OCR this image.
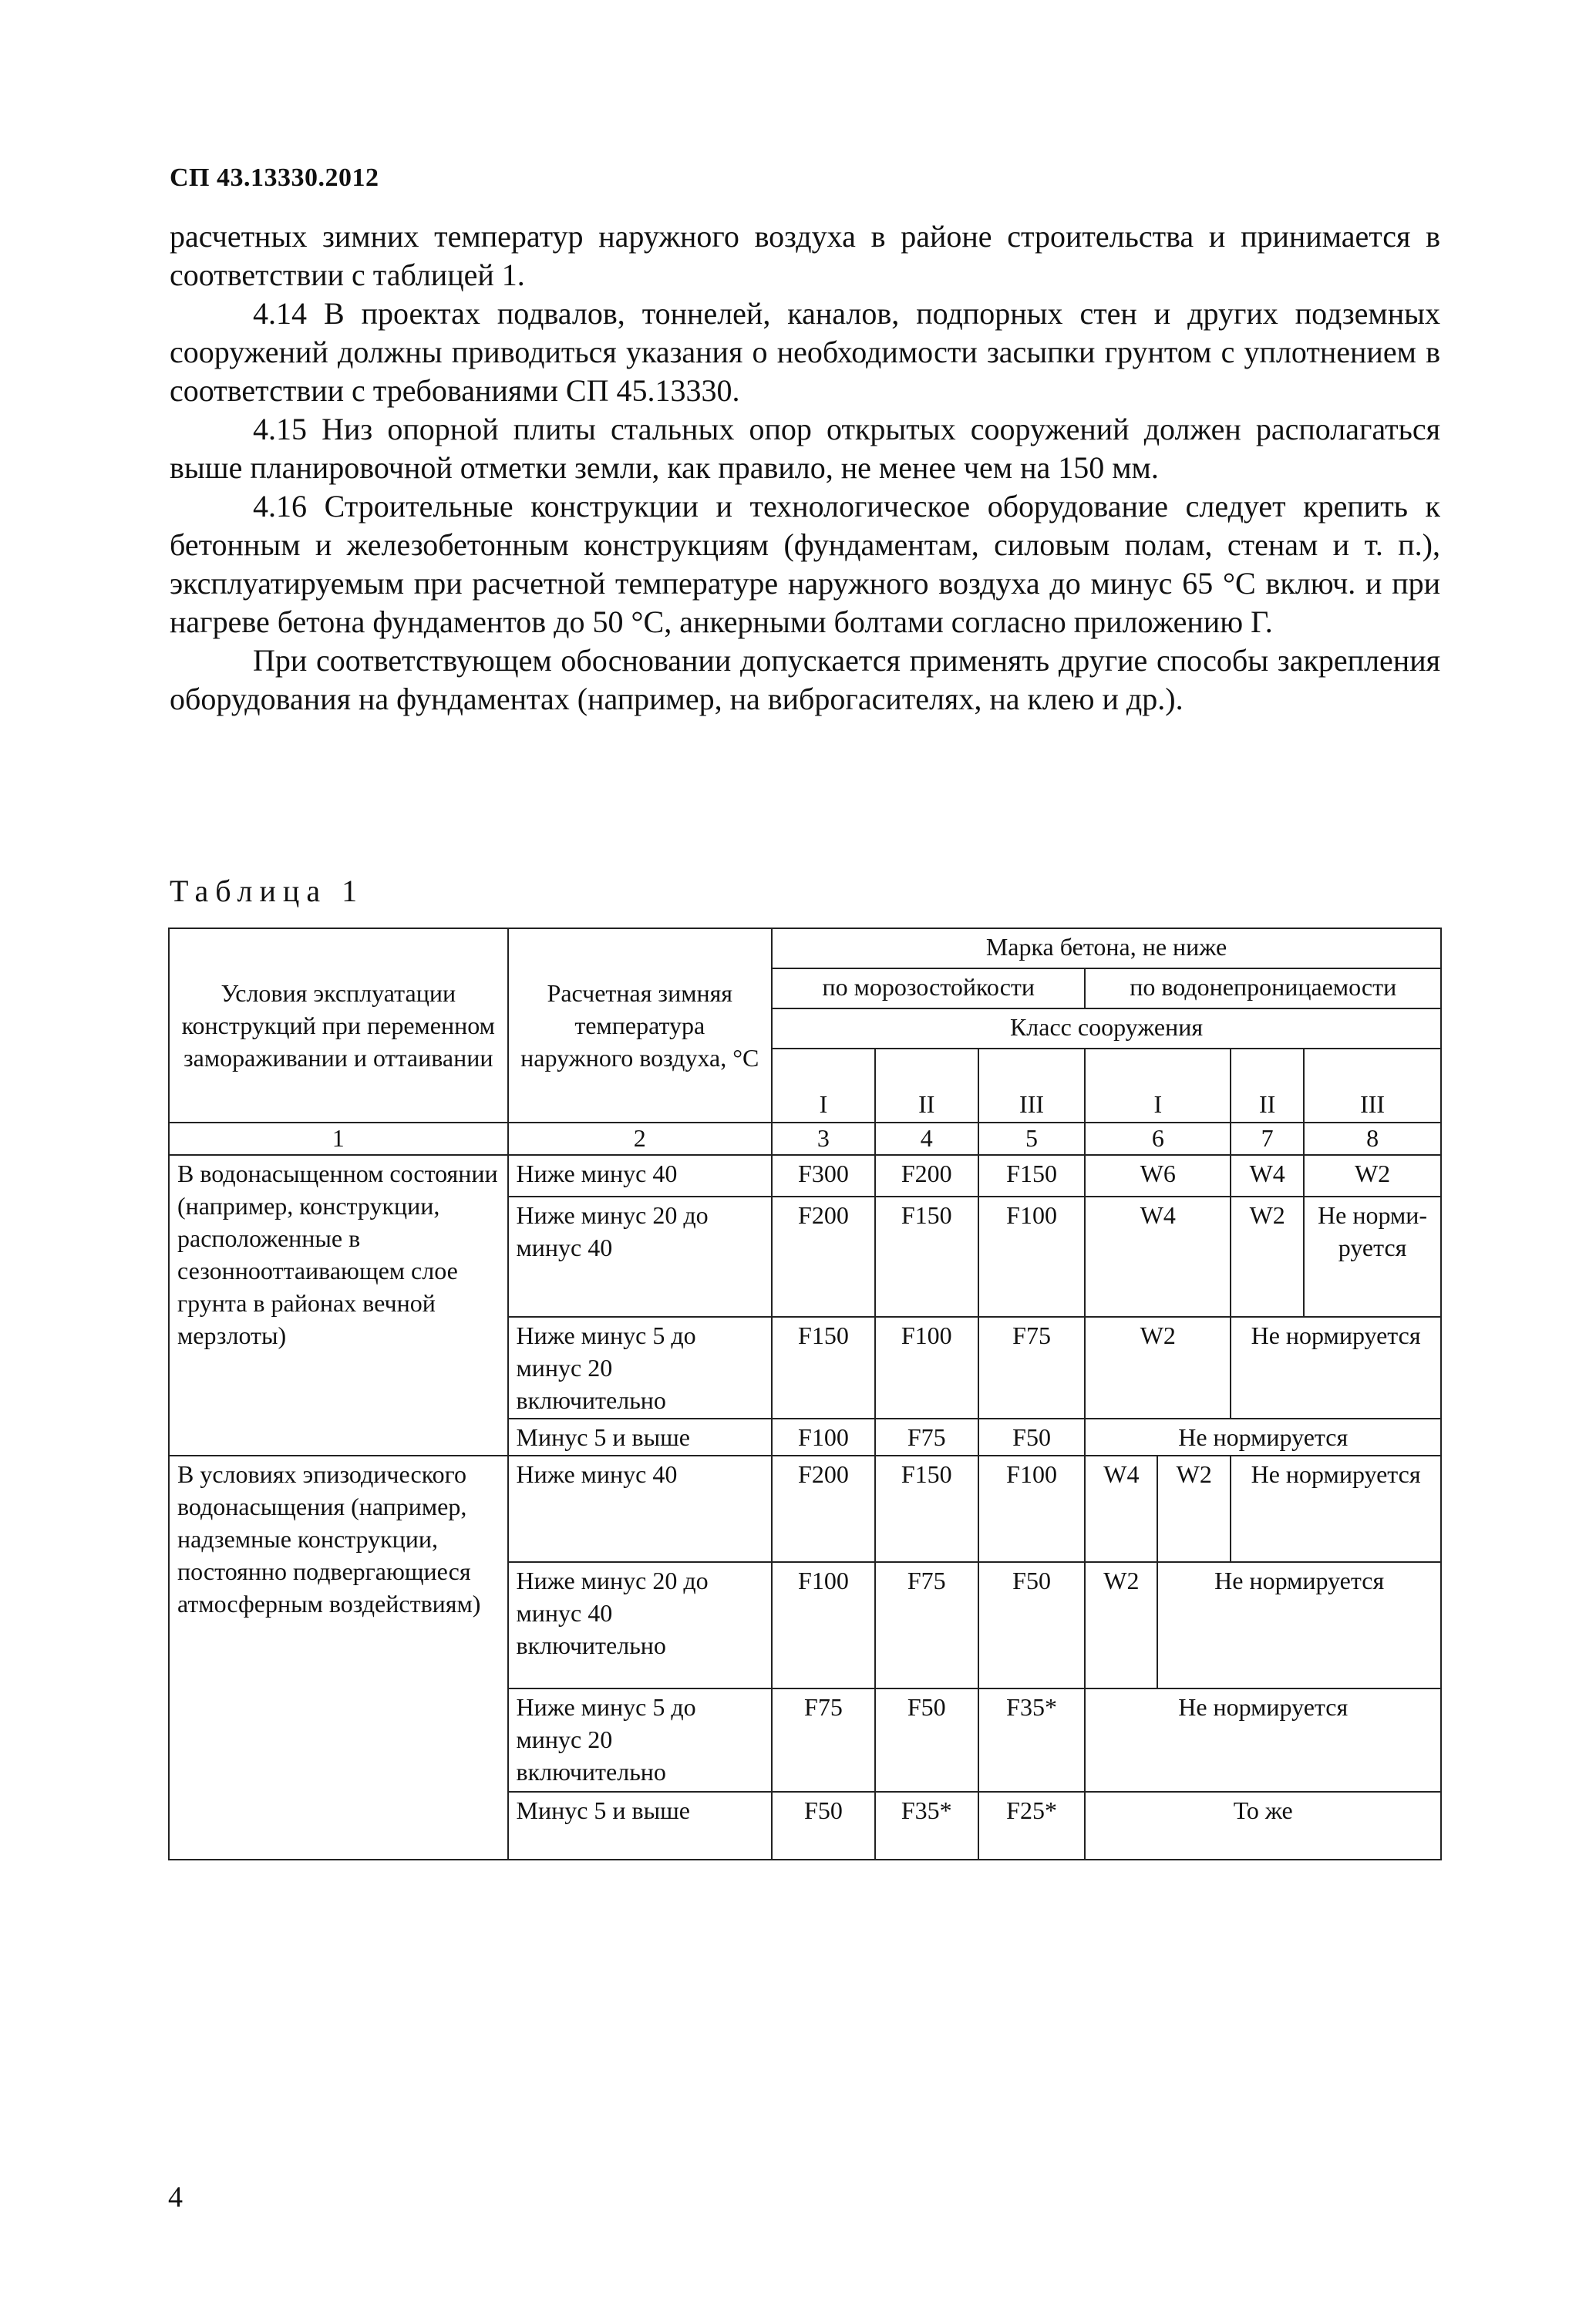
СП 43.13330.2012

расчетных зимних температур наружного воздуха в районе строительства и принимается в соответствии с таблицей 1.

4.14 В проектах подвалов, тоннелей, каналов, подпорных стен и других подземных сооружений должны приводиться указания о необходимости засыпки грунтом с уплотнением в соответствии с требованиями СП 45.13330.

4.15 Низ опорной плиты стальных опор открытых сооружений должен располагаться выше планировочной отметки земли, как правило, не менее чем на 150 мм.

4.16 Строительные конструкции и технологическое оборудование следует крепить к бетонным и железобетонным конструкциям (фундаментам, силовым полам, стенам и т. п.), эксплуатируемым при расчетной температуре наружного воздуха до минус 65 °С включ. и при нагреве бетона фундаментов до 50 °С, анкерными болтами согласно приложению Г.

При соответствующем обосновании допускается применять другие способы закрепления оборудования на фундаментах (например, на виброгасителях, на клею и др.).

Таблица 1
Условия эксплуатации конструкций при переменном замораживании и оттаивании	Расчетная зимняя температура наружного воздуха, °С	Марка бетона, не ниже						
		по морозостойкости			по водонепроницаемости			
		Класс сооружения						
		I	II	III	I		II	III
1	2	3	4	5	6		7	8
В водонасыщенном состоянии (например, конструкции, расположенные в сезоннооттаивающем слое грунта в районах вечной мерзлоты)	Ниже минус 40	F300	F200	F150	W6		W4	W2
	Ниже минус 20 до минус 40	F200	F150	F100	W4		W2	Не норми-руется
	Ниже минус 5 до минус 20 включительно	F150	F100	F75	W2		Не нормируется	
	Минус 5 и выше	F100	F75	F50	Не нормируется			
В условиях эпизодического водонасыщения (например, надземные конструкции, постоянно подвергающиеся атмосферным воздействиям)	Ниже минус 40	F200	F150	F100	W4	W2	Не нормируется	
	Ниже минус 20 до минус 40 включительно	F100	F75	F50	W2	Не нормируется		
	Ниже минус 5 до минус 20 включительно	F75	F50	F35*	Не нормируется			
	Минус 5 и выше	F50	F35*	F25*	То же			
4
